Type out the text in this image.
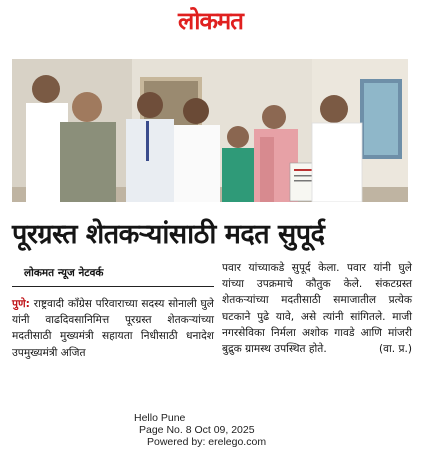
लोकमत
पूरग्रस्त शेतकऱ्यांसाठी मदत सुपूर्द
लोकमत न्यूज नेटवर्क
पुणे: राष्ट्रवादी काँग्रेस परिवाराच्या सदस्य सोनाली घुले यांनी वाढदिवसानिमित्त पूरग्रस्त शेतकऱ्यांच्या मदतीसाठी मुख्यमंत्री सहायता निधीसाठी धनादेश उपमुख्यमंत्री अजित
पवार यांच्याकडे सुपूर्द केला. पवार यांनी घुले यांच्या उपक्रमाचे कौतुक केले. संकटग्रस्त शेतकऱ्यांच्या मदतीसाठी समाजातील प्रत्येक घटकाने पुढे यावे, असे त्यांनी सांगितले. माजी नगरसेविका निर्मला अशोक गावडे आणि मांजरी बुद्रुक ग्रामस्थ उपस्थित होते.	(वा. प्र.)
Hello Pune
Page No. 8 Oct 09, 2025
Powered by: erelego.com
